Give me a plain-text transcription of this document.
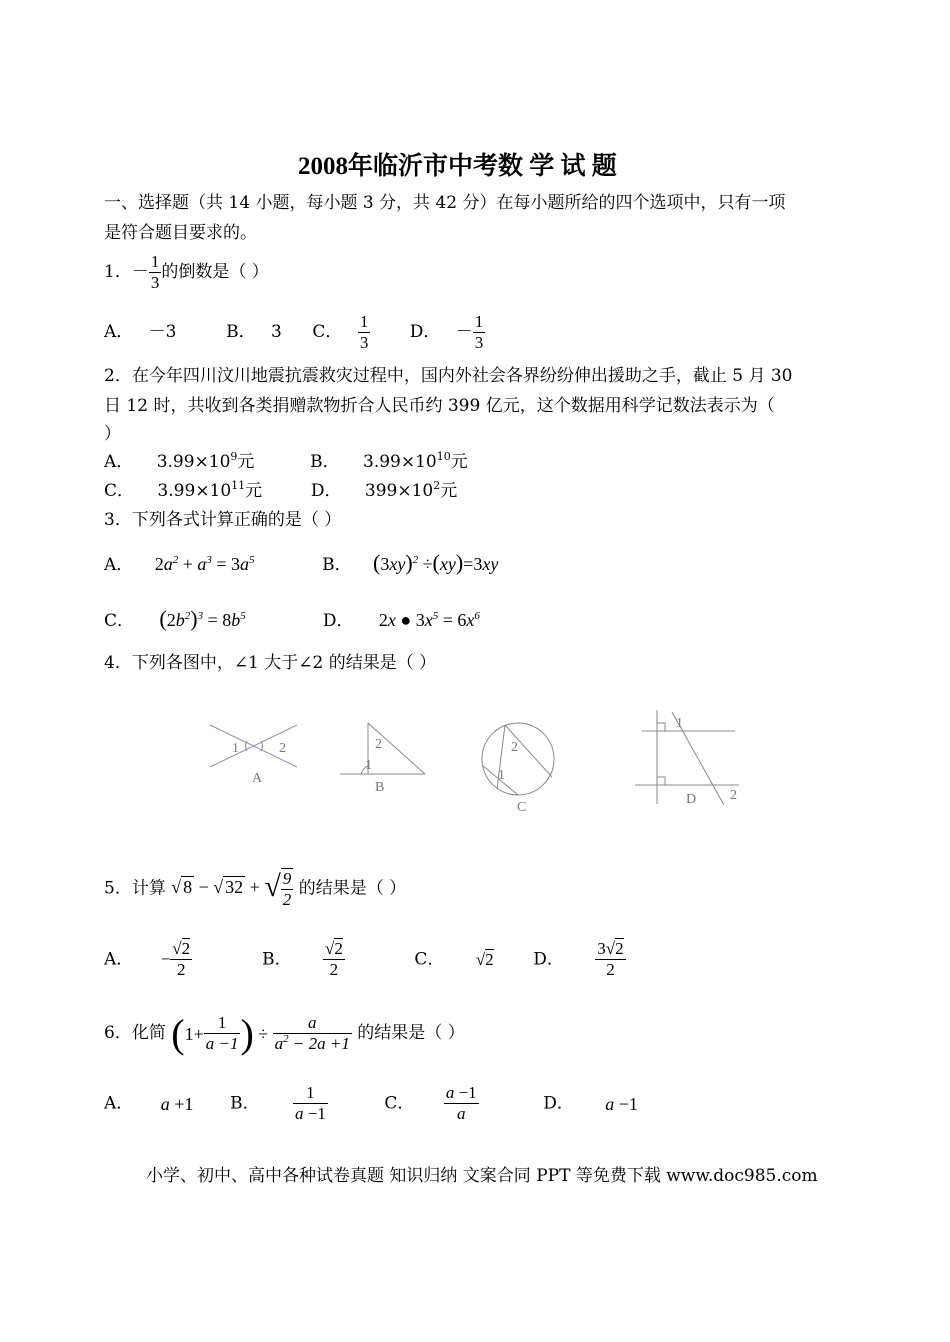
2008年临沂市中考数 学 试 题
一、选择题（共 14 小题，每小题 3 分，共 42 分）在每小题所给的四个选项中，只有一项
是符合题目要求的。
1．－ $\frac{1}{3}$ 的倒数是（ ）
A． －3	B． 3 C． $\frac{1}{3}$ D． － $\frac{1}{3}$
2．在今年四川汶川地震抗震救灾过程中，国内外社会各界纷纷伸出援助之手，截止 5 月 30
日 12 时，共收到各类捐赠款物折合人民币约 399 亿元，这个数据用科学记数法表示为（
）
A． $3.99\times 10^9$元	B． $3.99\times 10^{10}$元
C． $3.99\times 10^{11}$元	D． $399\times 10^2$元
3．下列各式计算正确的是（ ）
A． $2a^2 + a^3 = 3a^5$	B． $(3xy)^2 \div(xy)=3xy$
C． $(2b^2)^3 = 8b^5$	D． 2x ● $3x^5 = 6x^6$
4．下列各图中，∠1 大于∠2 的结果是（ ）
1	2
A
2
1
B
2
1
C
1
2
D
5．计算 √ 8 − √ 32 + √ $\frac{9}{2}$ 的结果是（ ）
A． − $\frac{√2}{2}$	B． $\frac{√2}{2}$	C． √2 D． $\frac{3√2}{2}$
6．化简 ($1+ \frac{1}{a -1}$ ) ÷ $\frac{a}{a^2 - 2a +1}$ 的结果是（ ）
A． a +1 B． $\frac{1}{a -1}$	C． $\frac{a -1}{a}$	D． a −1
小学、初中、高中各种试卷真题 知识归纳 文案合同 PPT 等免费下载 www.doc985.com
